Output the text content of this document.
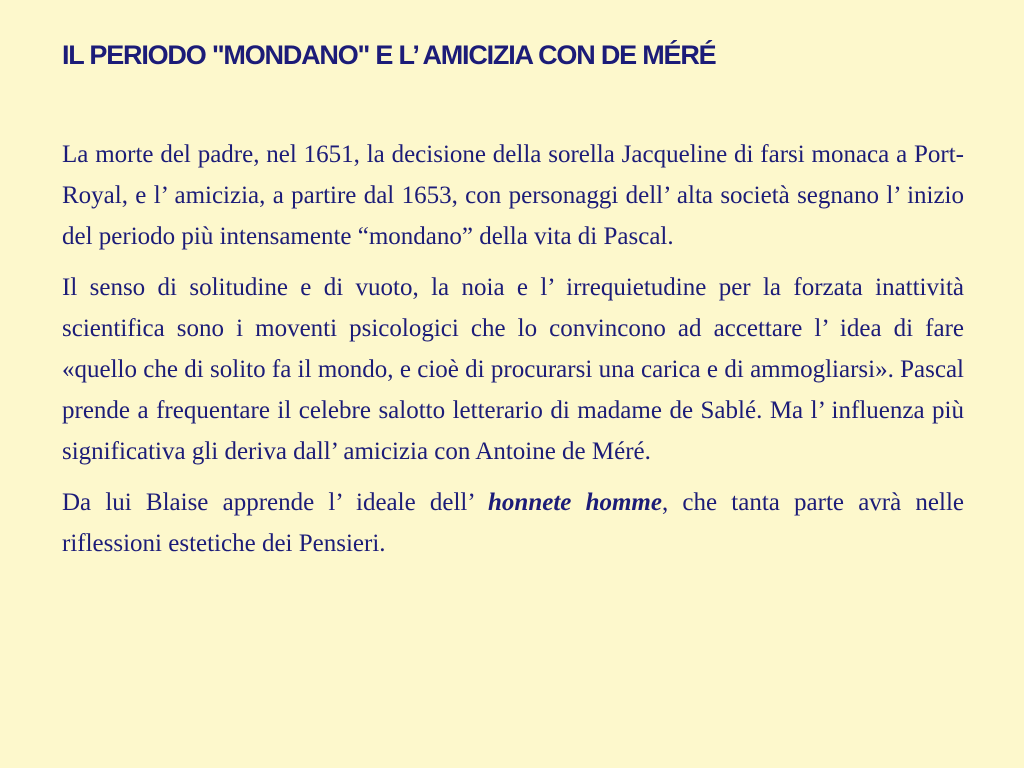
IL PERIODO "MONDANO" E L’ AMICIZIA CON DE MÉRÉ

La morte del padre, nel 1651, la decisione della sorella Jacqueline di farsi monaca a Port-Royal, e l’ amicizia, a partire dal 1653, con personaggi dell’ alta società segnano l’ inizio del periodo più intensamente “mondano” della vita di Pascal.

Il senso di solitudine e di vuoto, la noia e l’ irrequietudine per la forzata inattività scientifica sono i moventi psicologici che lo convincono ad accettare l’ idea di fare «quello che di solito fa il mondo, e cioè di procurarsi una carica e di ammogliarsi». Pascal prende a frequentare il celebre salotto letterario di madame de Sablé. Ma l’ influenza più significativa gli deriva dall’ amicizia con Antoine de Méré.

Da lui Blaise apprende l’ ideale dell’ honnete homme, che tanta parte avrà nelle riflessioni estetiche dei Pensieri.
